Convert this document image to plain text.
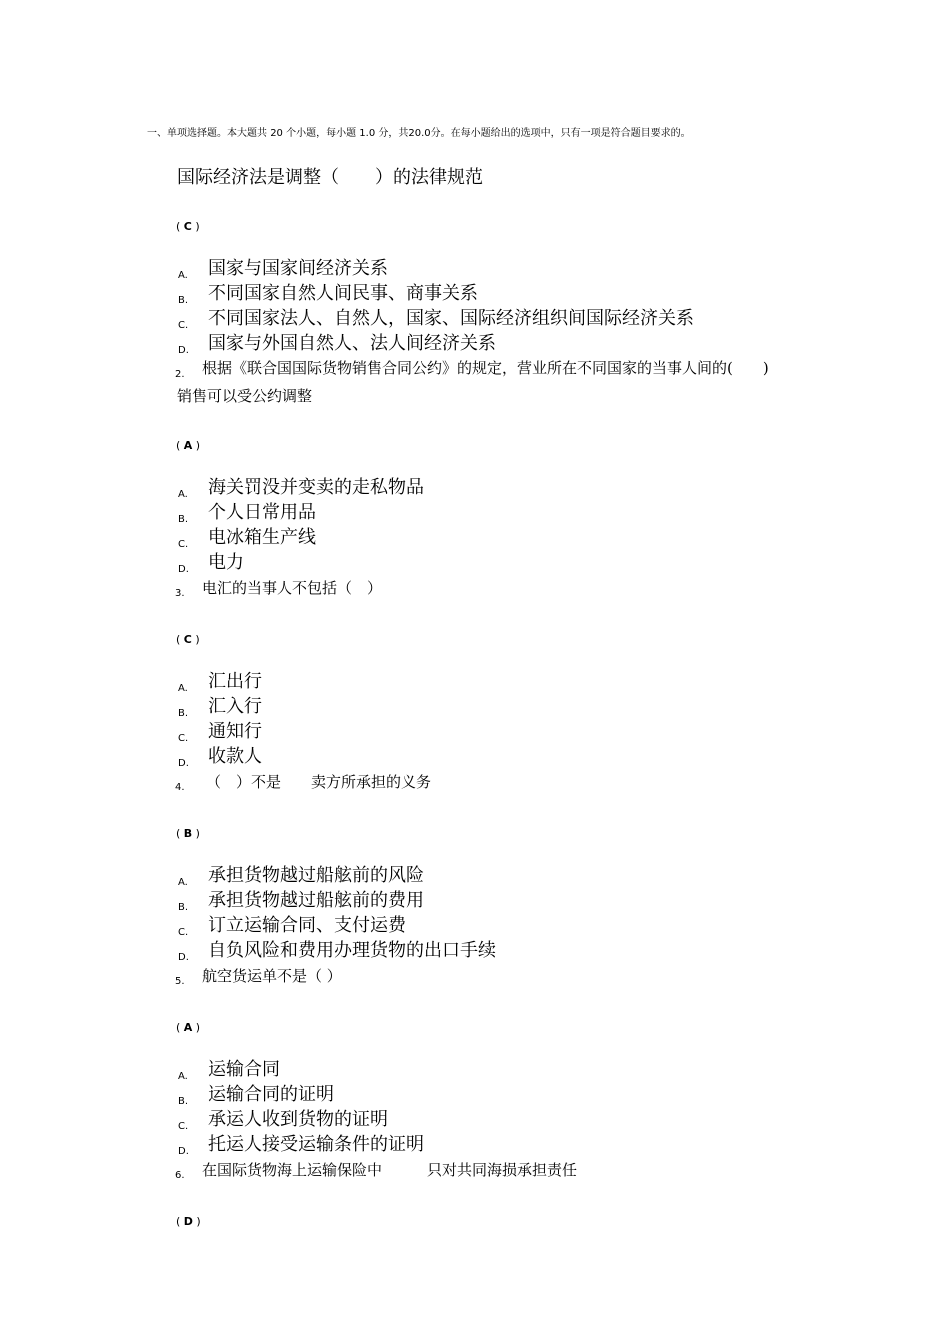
一、单项选择题。本大题共 20 个小题，每小题 1.0 分，共20.0分。在每小题给出的选项中，只有一项是符合题目要求的。
国际经济法是调整（　　）的法律规范
( C )
A. 国家与国家间经济关系
B. 不同国家自然人间民事、商事关系
C. 不同国家法人、自然人，国家、国际经济组织间国际经济关系
D. 国家与外国自然人、法人间经济关系
2. 根据《联合国国际货物销售合同公约》的规定，营业所在不同国家的当事人间的(　　)
销售可以受公约调整
( A )
A. 海关罚没并变卖的走私物品
B. 个人日常用品
C. 电冰箱生产线
D. 电力
3. 电汇的当事人不包括（　）
( C )
A. 汇出行
B. 汇入行
C. 通知行
D. 收款人
4. （　）不是　　卖方所承担的义务
( B )
A. 承担货物越过船舷前的风险
B. 承担货物越过船舷前的费用
C. 订立运输合同、支付运费
D. 自负风险和费用办理货物的出口手续
5. 航空货运单不是（ ）
( A )
A. 运输合同
B. 运输合同的证明
C. 承运人收到货物的证明
D. 托运人接受运输条件的证明
6. 在国际货物海上运输保险中　　　只对共同海损承担责任
( D )
